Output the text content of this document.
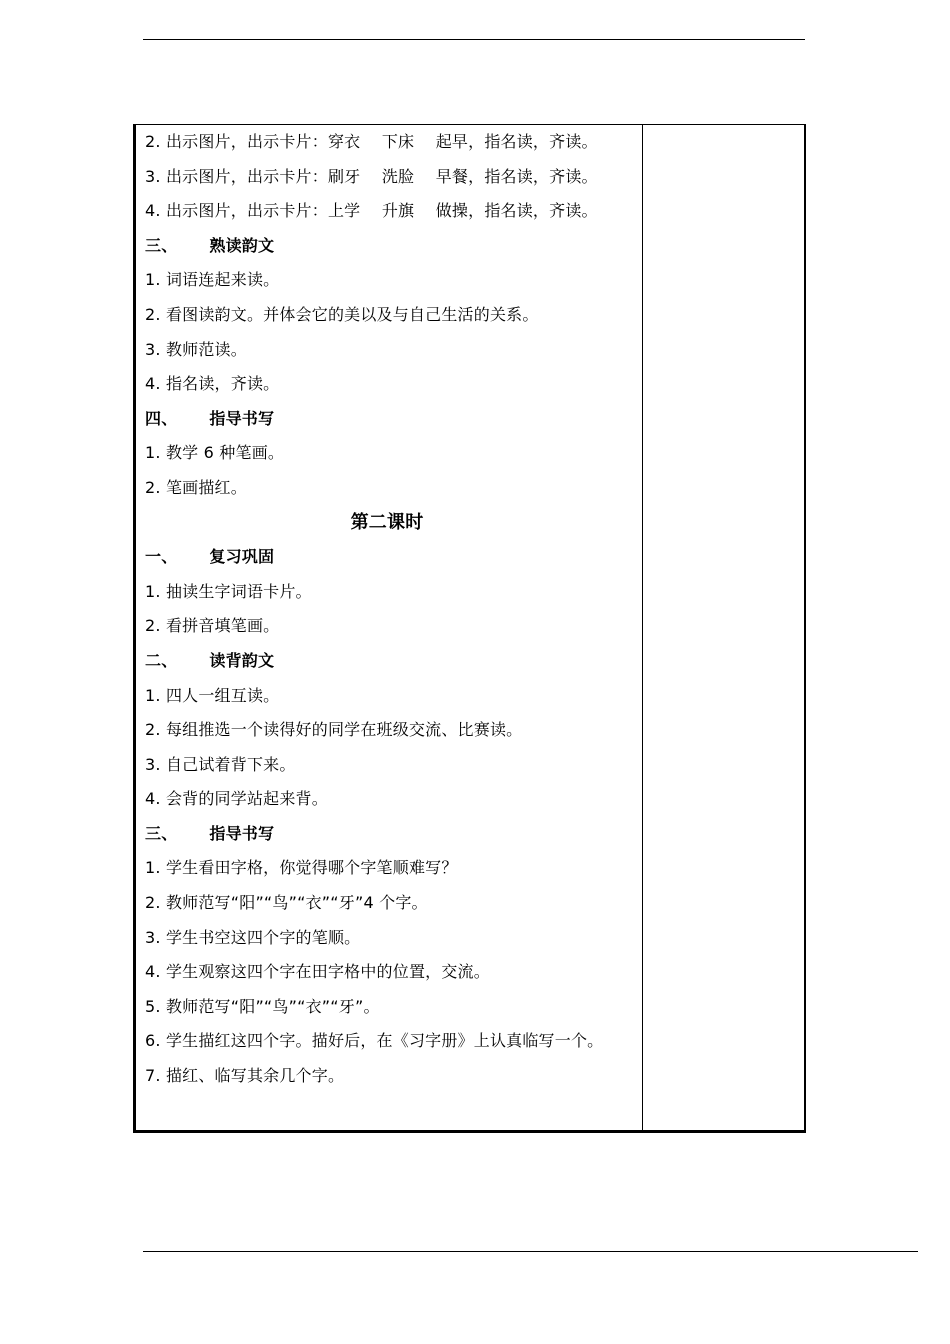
2. 出示图片，出示卡片：穿衣　 下床　 起早，指名读，齐读。
3. 出示图片，出示卡片：刷牙　 洗脸　 早餐，指名读，齐读。
4. 出示图片，出示卡片：上学　 升旗　 做操，指名读，齐读。
三、 熟读韵文
1. 词语连起来读。
2. 看图读韵文。并体会它的美以及与自己生活的关系。
3. 教师范读。
4. 指名读，齐读。
四、 指导书写
1. 教学 6 种笔画。
2. 笔画描红。
第二课时
一、 复习巩固
1. 抽读生字词语卡片。
2. 看拼音填笔画。
二、 读背韵文
1. 四人一组互读。
2. 每组推选一个读得好的同学在班级交流、比赛读。
3. 自己试着背下来。
4. 会背的同学站起来背。
三、 指导书写
1. 学生看田字格，你觉得哪个字笔顺难写？
2. 教师范写“阳”“鸟”“衣”“牙”4 个字。
3. 学生书空这四个字的笔顺。
4. 学生观察这四个字在田字格中的位置，交流。
5. 教师范写“阳”“鸟”“衣”“牙”。
6. 学生描红这四个字。描好后，在《习字册》上认真临写一个。
7. 描红、临写其余几个字。
